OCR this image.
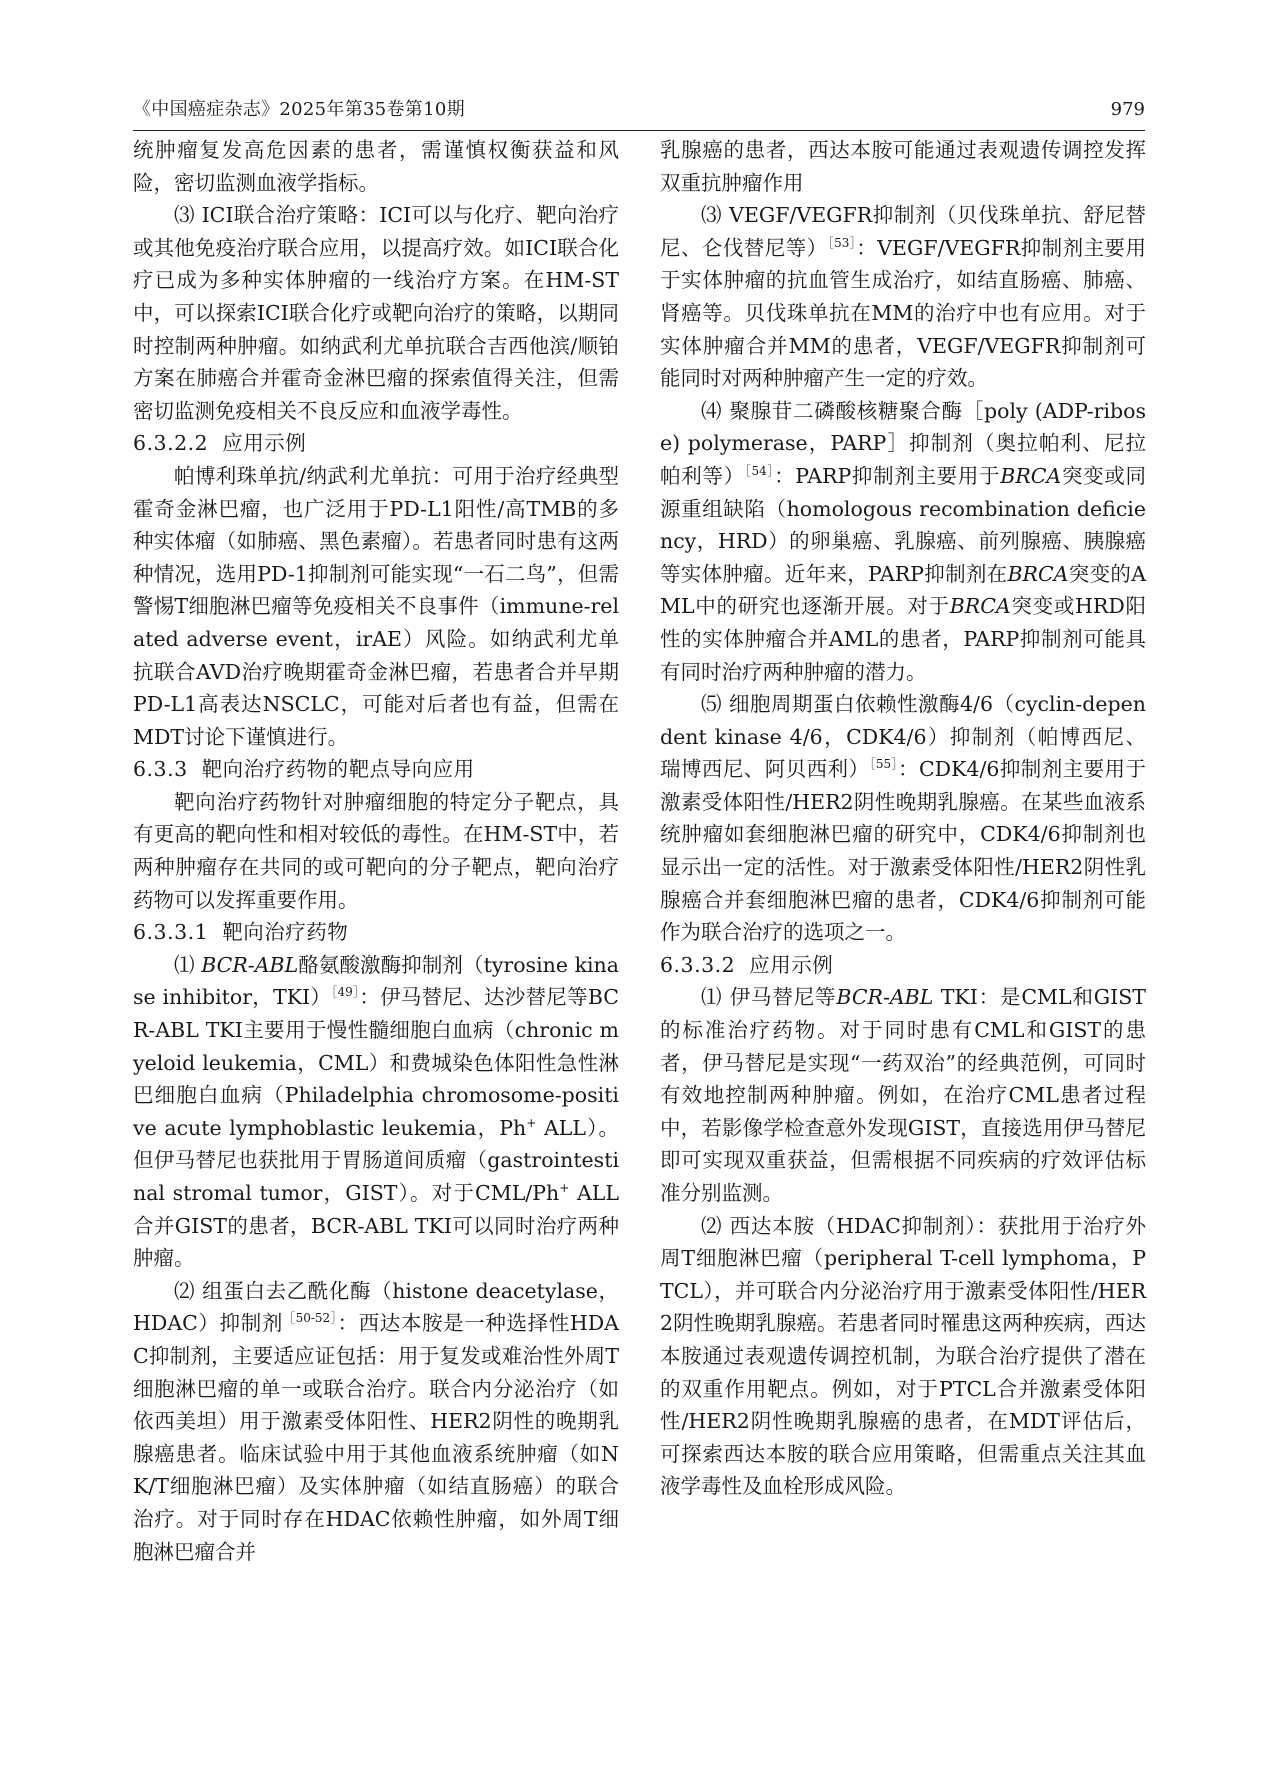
《中国癌症杂志》2025年第35卷第10期	979

统肿瘤复发高危因素的患者，需谨慎权衡获益和风险，密切监测血液学指标。

⑶ ICI联合治疗策略：ICI可以与化疗、靶向治疗或其他免疫治疗联合应用，以提高疗效。如ICI联合化疗已成为多种实体肿瘤的一线治疗方案。在HM-ST中，可以探索ICI联合化疗或靶向治疗的策略，以期同时控制两种肿瘤。如纳武利尤单抗联合吉西他滨/顺铂方案在肺癌合并霍奇金淋巴瘤的探索值得关注，但需密切监测免疫相关不良反应和血液学毒性。

6.3.2.2 应用示例

帕博利珠单抗/纳武利尤单抗：可用于治疗经典型霍奇金淋巴瘤，也广泛用于PD-L1阳性/高TMB的多种实体瘤（如肺癌、黑色素瘤）。若患者同时患有这两种情况，选用PD-1抑制剂可能实现“一石二鸟”，但需警惕T细胞淋巴瘤等免疫相关不良事件（immune-related adverse event，irAE）风险。如纳武利尤单抗联合AVD治疗晚期霍奇金淋巴瘤，若患者合并早期PD-L1高表达NSCLC，可能对后者也有益，但需在MDT讨论下谨慎进行。

6.3.3 靶向治疗药物的靶点导向应用

靶向治疗药物针对肿瘤细胞的特定分子靶点，具有更高的靶向性和相对较低的毒性。在HM-ST中，若两种肿瘤存在共同的或可靶向的分子靶点，靶向治疗药物可以发挥重要作用。

6.3.3.1 靶向治疗药物

⑴ BCR-ABL酪氨酸激酶抑制剂（tyrosine kinase inhibitor，TKI）$^{[49]}$：伊马替尼、达沙替尼等BCR-ABL TKI主要用于慢性髓细胞白血病（chronic myeloid leukemia，CML）和费城染色体阳性急性淋巴细胞白血病（Philadelphia chromosome-positive acute lymphoblastic leukemia，Ph+ ALL）。但伊马替尼也获批用于胃肠道间质瘤（gastrointestinal stromal tumor，GIST）。对于CML/Ph+ ALL合并GIST的患者，BCR-ABL TKI可以同时治疗两种肿瘤。

⑵ 组蛋白去乙酰化酶（histone deacetylase，HDAC）抑制剂$^{[50-52]}$：西达本胺是一种选择性HDAC抑制剂，主要适应证包括：用于复发或难治性外周T细胞淋巴瘤的单一或联合治疗。联合内分泌治疗（如依西美坦）用于激素受体阳性、HER2阴性的晚期乳腺癌患者。临床试验中用于其他血液系统肿瘤（如NK/T细胞淋巴瘤）及实体肿瘤（如结直肠癌）的联合治疗。对于同时存在HDAC依赖性肿瘤，如外周T细胞淋巴瘤合并

乳腺癌的患者，西达本胺可能通过表观遗传调控发挥双重抗肿瘤作用

⑶ VEGF/VEGFR抑制剂（贝伐珠单抗、舒尼替尼、仑伐替尼等）$^{[53]}$：VEGF/VEGFR抑制剂主要用于实体肿瘤的抗血管生成治疗，如结直肠癌、肺癌、肾癌等。贝伐珠单抗在MM的治疗中也有应用。对于实体肿瘤合并MM的患者，VEGF/VEGFR抑制剂可能同时对两种肿瘤产生一定的疗效。

⑷ 聚腺苷二磷酸核糖聚合酶［poly (ADP-ribose) polymerase，PARP］抑制剂（奥拉帕利、尼拉帕利等）$^{[54]}$：PARP抑制剂主要用于BRCA突变或同源重组缺陷（homologous recombination deficiency，HRD）的卵巢癌、乳腺癌、前列腺癌、胰腺癌等实体肿瘤。近年来，PARP抑制剂在BRCA突变的AML中的研究也逐渐开展。对于BRCA突变或HRD阳性的实体肿瘤合并AML的患者，PARP抑制剂可能具有同时治疗两种肿瘤的潜力。

⑸ 细胞周期蛋白依赖性激酶4/6（cyclin-dependent kinase 4/6，CDK4/6）抑制剂（帕博西尼、瑞博西尼、阿贝西利）$^{[55]}$：CDK4/6抑制剂主要用于激素受体阳性/HER2阴性晚期乳腺癌。在某些血液系统肿瘤如套细胞淋巴瘤的研究中，CDK4/6抑制剂也显示出一定的活性。对于激素受体阳性/HER2阴性乳腺癌合并套细胞淋巴瘤的患者，CDK4/6抑制剂可能作为联合治疗的选项之一。

6.3.3.2 应用示例

⑴ 伊马替尼等BCR-ABL TKI：是CML和GIST的标准治疗药物。对于同时患有CML和GIST的患者，伊马替尼是实现“一药双治”的经典范例，可同时有效地控制两种肿瘤。例如，在治疗CML患者过程中，若影像学检查意外发现GIST，直接选用伊马替尼即可实现双重获益，但需根据不同疾病的疗效评估标准分别监测。

⑵ 西达本胺（HDAC抑制剂）：获批用于治疗外周T细胞淋巴瘤（peripheral T-cell lymphoma，PTCL），并可联合内分泌治疗用于激素受体阳性/HER2阴性晚期乳腺癌。若患者同时罹患这两种疾病，西达本胺通过表观遗传调控机制，为联合治疗提供了潜在的双重作用靶点。例如，对于PTCL合并激素受体阳性/HER2阴性晚期乳腺癌的患者，在MDT评估后，可探索西达本胺的联合应用策略，但需重点关注其血液学毒性及血栓形成风险。
